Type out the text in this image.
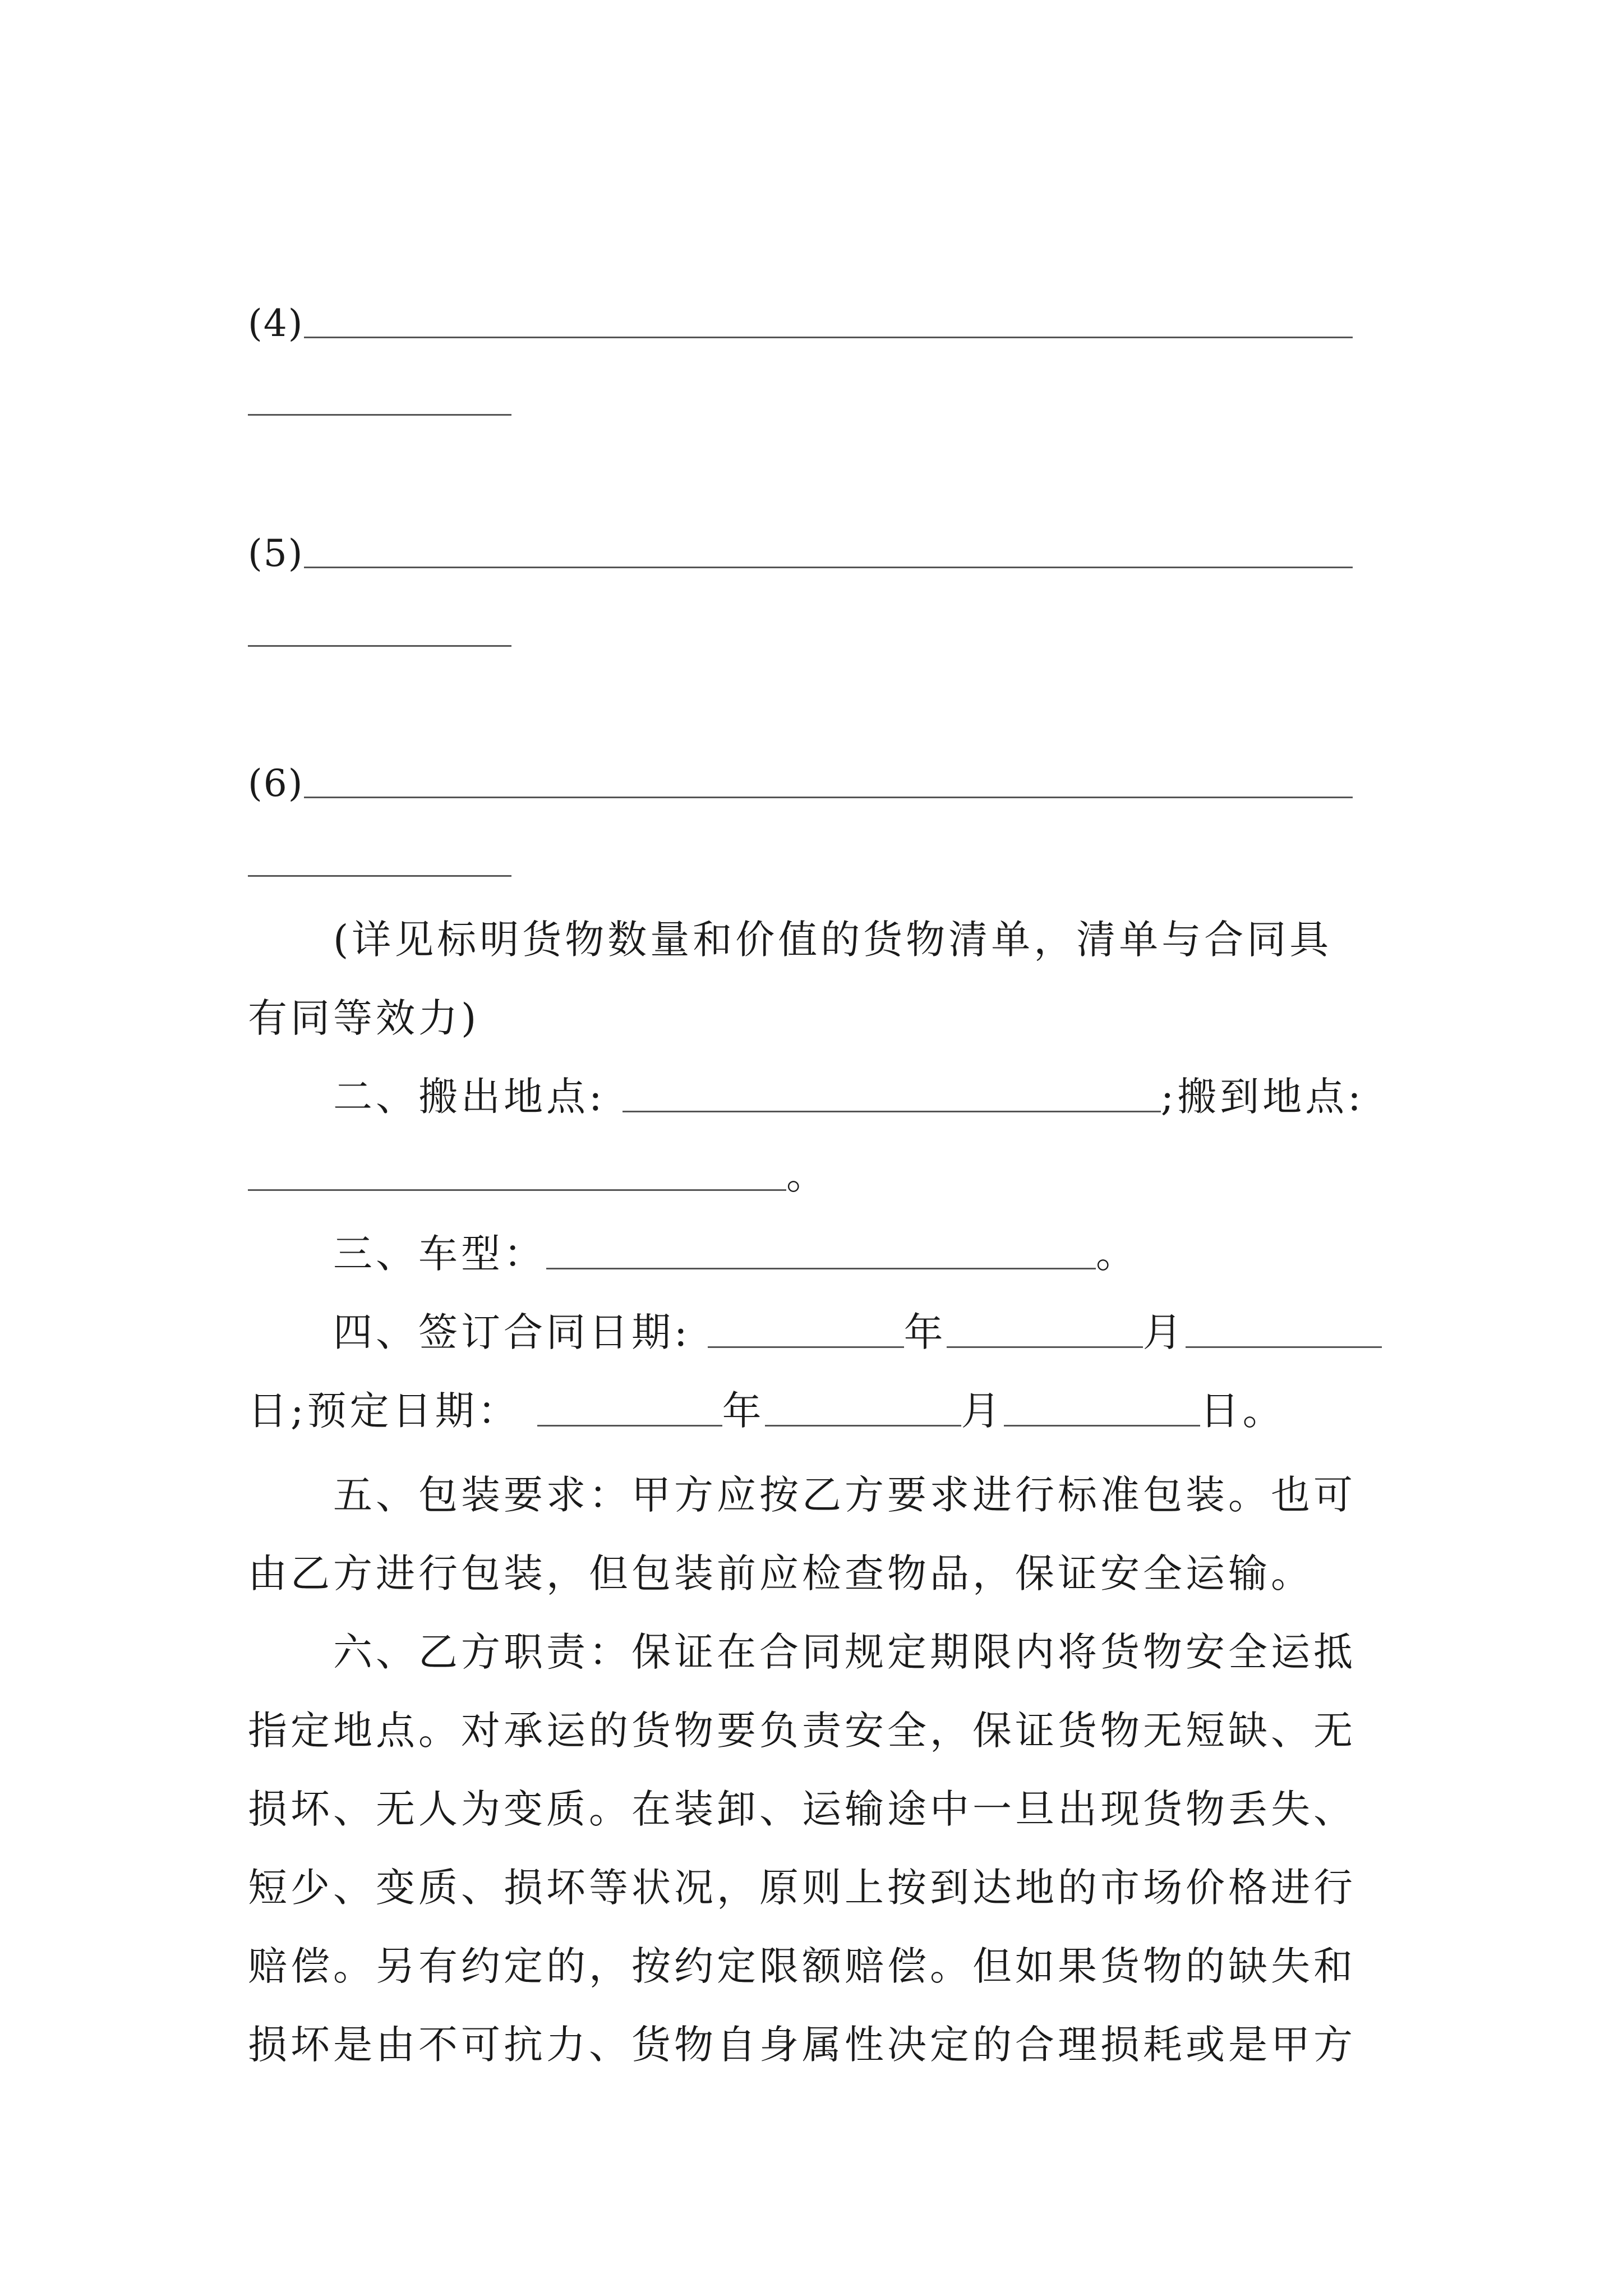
(4)
(5)
(6)
(详见标明货物数量和价值的货物清单，清单与合同具
有同等效力)
二、搬出地点:	;搬到地点:
。
三、车型：	。
四、签订合同日期:	年	月
日;预定日期：	年	月	日。
五、包装要求：甲方应按乙方要求进行标准包装。也可
由乙方进行包装，但包装前应检查物品，保证安全运输。
六、乙方职责：保证在合同规定期限内将货物安全运抵
指定地点。对承运的货物要负责安全，保证货物无短缺、无
损坏、无人为变质。在装卸、运输途中一旦出现货物丢失、
短少、变质、损坏等状况，原则上按到达地的市场价格进行
赔偿。另有约定的，按约定限额赔偿。但如果货物的缺失和
损坏是由不可抗力、货物自身属性决定的合理损耗或是甲方
